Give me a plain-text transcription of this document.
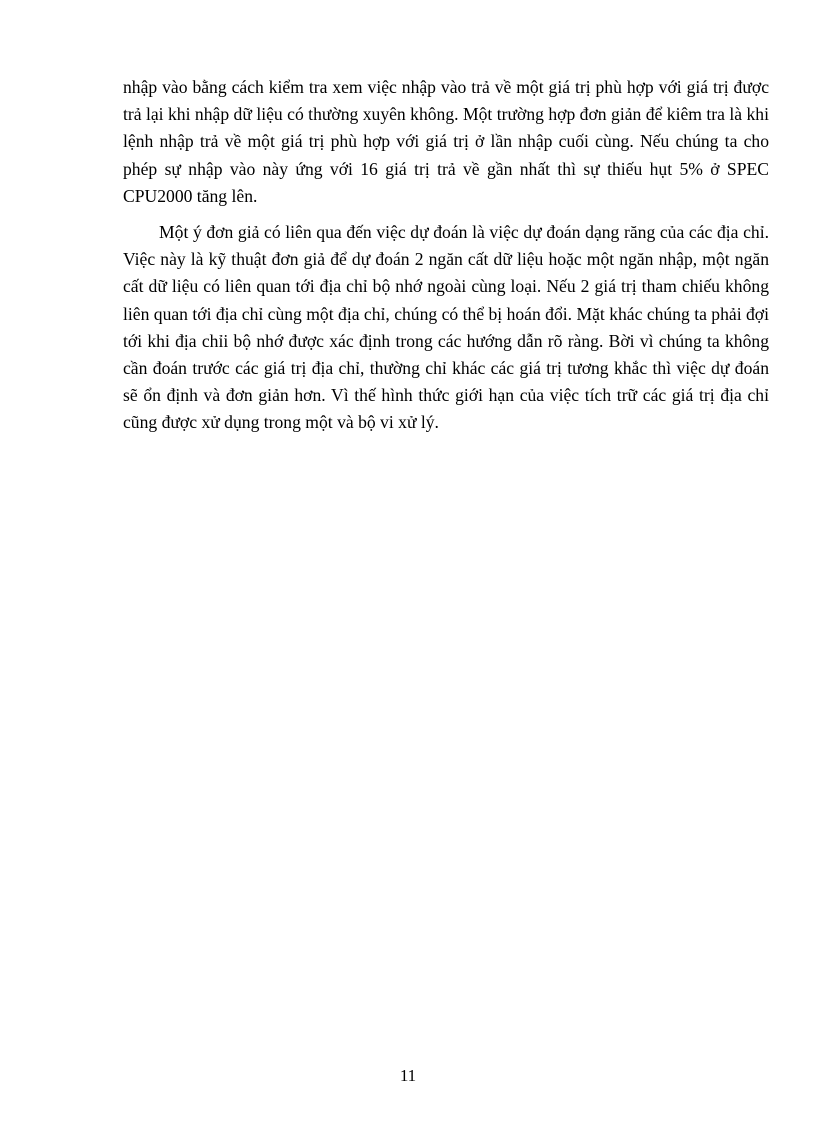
nhập vào bằng cách kiểm tra xem việc nhập vào trả về một giá trị phù hợp với giá trị được trả lại khi nhập dữ liệu có thường xuyên không. Một trường hợp đơn giản để kiêm tra là khi lệnh nhập trả về một giá trị phù hợp với giá trị ở lần nhập cuối cùng. Nếu chúng ta cho phép sự nhập vào này ứng với 16 giá trị trả về gần nhất thì sự thiếu hụt 5% ở SPEC CPU2000 tăng lên.

Một ý đơn giả có liên qua đến việc dự đoán là việc dự đoán dạng răng của các địa chỉ. Việc này là kỹ thuật đơn giả để dự đoán 2 ngăn cất dữ liệu hoặc một ngăn nhập, một ngăn cất dữ liệu có liên quan tới địa chỉ bộ nhớ ngoài cùng loại. Nếu 2 giá trị tham chiếu không liên quan tới địa chỉ cùng một địa chỉ, chúng có thể bị hoán đổi. Mặt khác chúng ta phải đợi tới khi địa chỉi bộ nhớ được xác định trong các hướng dẫn rõ ràng. Bời vì chúng ta không cần đoán trước các giá trị địa chỉ, thường chỉ khác các giá trị tương khắc thì việc dự đoán sẽ ổn định và đơn giản hơn. Vì thế hình thức giới hạn của việc tích trữ các giá trị địa chỉ cũng được xử dụng trong một và bộ vi xử lý.

11
